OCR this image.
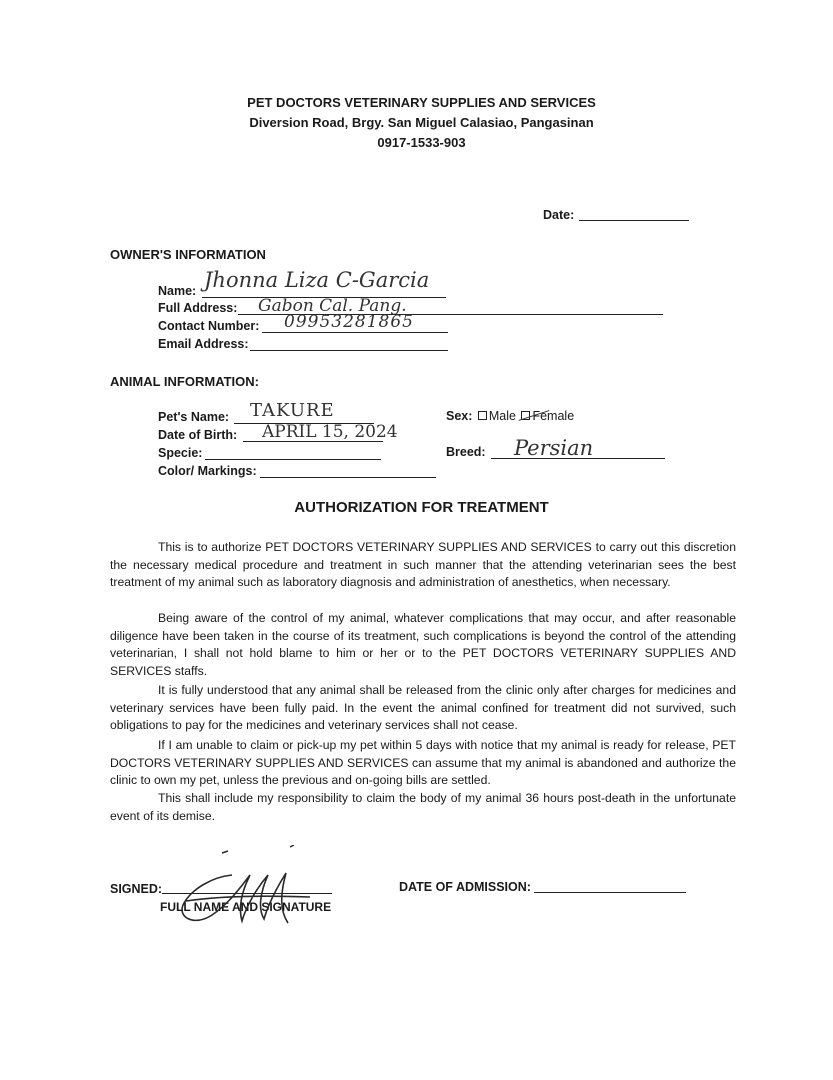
PET DOCTORS VETERINARY SUPPLIES AND SERVICES
Diversion Road, Brgy. San Miguel Calasiao, Pangasinan
0917-1533-903
Date:
OWNER'S INFORMATION
Name: Jhonna Liza C-Garcia
Full Address: Gabon Cal. Pang.
Contact Number: 09953281865
Email Address:
ANIMAL INFORMATION:
Pet's Name: TAKURE
Date of Birth: APRIL 15, 2024
Specie:
Color/ Markings:
Sex: Male Female
Breed: Persian
AUTHORIZATION FOR TREATMENT
This is to authorize PET DOCTORS VETERINARY SUPPLIES AND SERVICES to carry out this discretion the necessary medical procedure and treatment in such manner that the attending veterinarian sees the best treatment of my animal such as laboratory diagnosis and administration of anesthetics, when necessary.
Being aware of the control of my animal, whatever complications that may occur, and after reasonable diligence have been taken in the course of its treatment, such complications is beyond the control of the attending veterinarian, I shall not hold blame to him or her or to the PET DOCTORS VETERINARY SUPPLIES AND SERVICES staffs.
It is fully understood that any animal shall be released from the clinic only after charges for medicines and veterinary services have been fully paid. In the event the animal confined for treatment did not survived, such obligations to pay for the medicines and veterinary services shall not cease.
If I am unable to claim or pick-up my pet within 5 days with notice that my animal is ready for release, PET DOCTORS VETERINARY SUPPLIES AND SERVICES can assume that my animal is abandoned and authorize the clinic to own my pet, unless the previous and on-going bills are settled.
This shall include my responsibility to claim the body of my animal 36 hours post-death in the unfortunate event of its demise.
SIGNED:
FULL NAME AND SIGNATURE
DATE OF ADMISSION:
